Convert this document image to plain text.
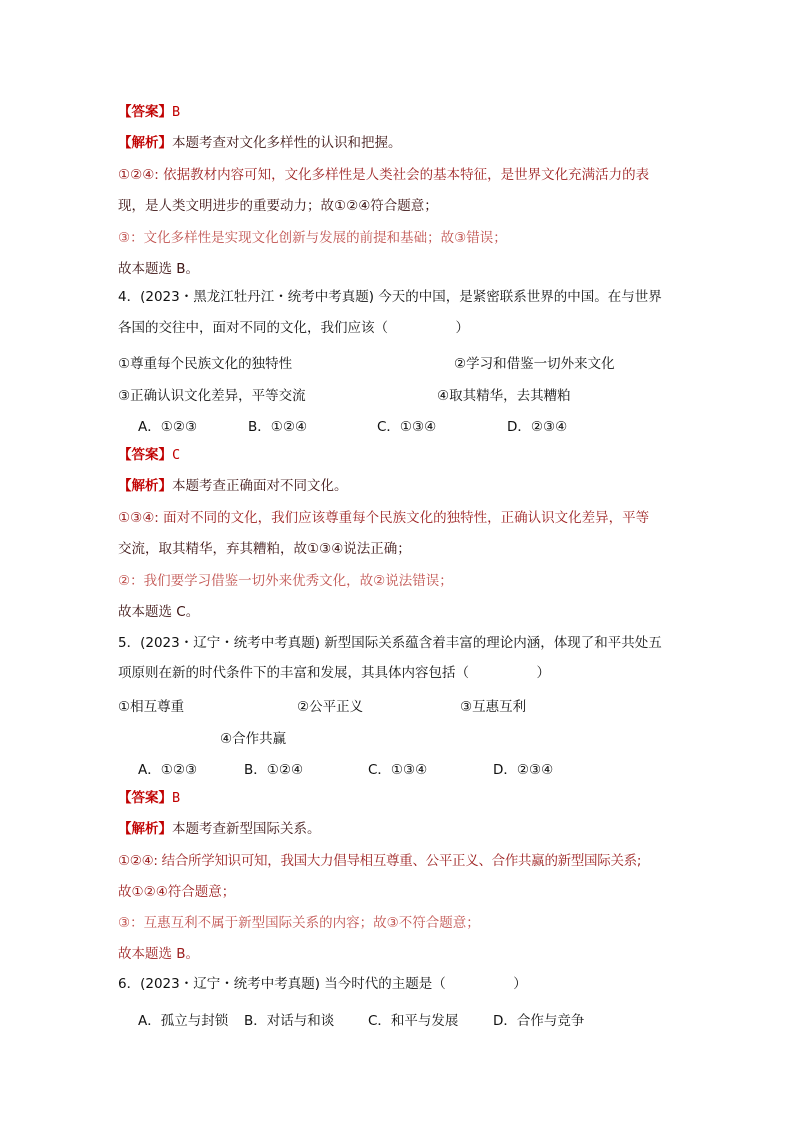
【答案】B
【解析】本题考查对文化多样性的认识和把握。
①②④: 依据教材内容可知，文化多样性是人类社会的基本特征，是世界文化充满活力的表
现，是人类文明进步的重要动力；故①②④符合题意；
③：文化多样性是实现文化创新与发展的前提和基础；故③错误；
故本题选 B。
4．(2023・黑龙江牡丹江・统考中考真题) 今天的中国，是紧密联系世界的中国。在与世界
各国的交往中，面对不同的文化，我们应该（　　　　　）
①尊重每个民族文化的独特性	②学习和借鉴一切外来文化
③正确认识文化差异，平等交流	④取其精华，去其糟粕
A．①②③	B．①②④	C．①③④	D．②③④
【答案】C
【解析】本题考查正确面对不同文化。
①③④: 面对不同的文化，我们应该尊重每个民族文化的独特性，正确认识文化差异，平等
交流，取其精华，弃其糟粕，故①③④说法正确；
②：我们要学习借鉴一切外来优秀文化，故②说法错误；
故本题选 C。
5．(2023・辽宁・统考中考真题) 新型国际关系蕴含着丰富的理论内涵，体现了和平共处五
项原则在新的时代条件下的丰富和发展，其具体内容包括（　　　　　）
①相互尊重	②公平正义	③互惠互利
④合作共赢
A．①②③	B．①②④	C．①③④	D．②③④
【答案】B
【解析】本题考查新型国际关系。
①②④: 结合所学知识可知，我国大力倡导相互尊重、公平正义、合作共赢的新型国际关系;
故①②④符合题意；
③：互惠互利不属于新型国际关系的内容；故③不符合题意；
故本题选 B。
6．(2023・辽宁・统考中考真题) 当今时代的主题是（　　　　　）
A．孤立与封锁 B．对话与和谈 C．和平与发展	D．合作与竞争
